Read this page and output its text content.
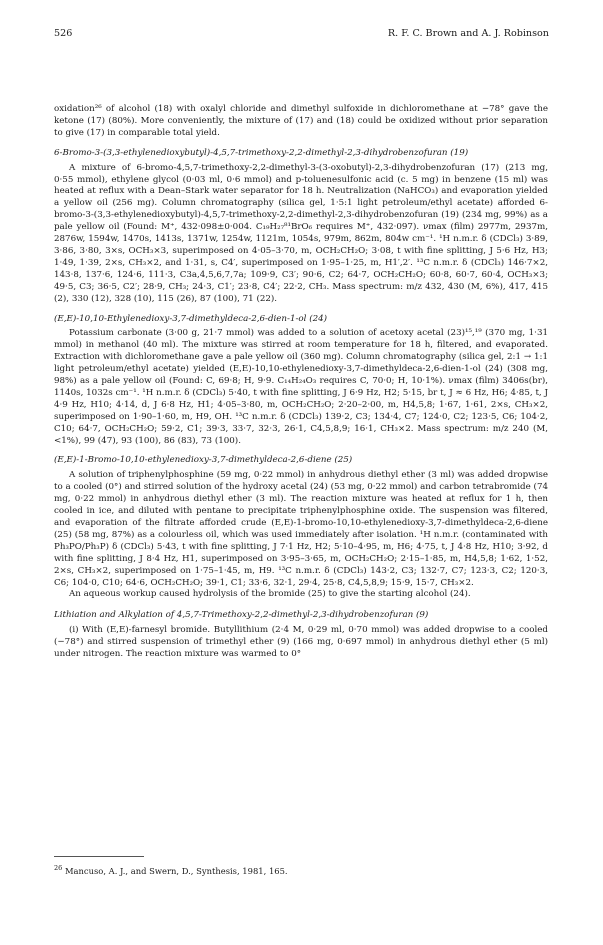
526	R. F. C. Brown and A. J. Robinson

oxidation²⁶ of alcohol (18) with oxalyl chloride and dimethyl sulfoxide in dichloromethane at −78° gave the ketone (17) (80%). More conveniently, the mixture of (17) and (18) could be oxidized without prior separation to give (17) in comparable total yield.

6-Bromo-3-(3,3-ethylenedioxybutyl)-4,5,7-trimethoxy-2,2-dimethyl-2,3-dihydrobenzofuran (19)

A mixture of 6-bromo-4,5,7-trimethoxy-2,2-dimethyl-3-(3-oxobutyl)-2,3-dihydrobenzofuran (17) (213 mg, 0·55 mmol), ethylene glycol (0·03 ml, 0·6 mmol) and p-toluenesulfonic acid (c. 5 mg) in benzene (15 ml) was heated at reflux with a Dean–Stark water separator for 18 h. Neutralization (NaHCO₃) and evaporation yielded a yellow oil (256 mg). Column chromatography (silica gel, 1·5:1 light petroleum/ethyl acetate) afforded 6-bromo-3-(3,3-ethylenedioxybutyl)-4,5,7-trimethoxy-2,2-dimethyl-2,3-dihydrobenzofuran (19) (234 mg, 99%) as a pale yellow oil (Found: M⁺, 432·098±0·004. C₁₉H₂₇⁸¹BrO₆ requires M⁺, 432·097). νmax (film) 2977m, 2937m, 2876w, 1594w, 1470s, 1413s, 1371w, 1254w, 1121m, 1054s, 979m, 862m, 804w cm⁻¹. ¹H n.m.r. δ (CDCl₃) 3·89, 3·86, 3·80, 3×s, OCH₃×3, superimposed on 4·05–3·70, m, OCH₂CH₂O; 3·08, t with fine splitting, J 5·6 Hz, H3; 1·49, 1·39, 2×s, CH₃×2, and 1·31, s, C4′, superimposed on 1·95–1·25, m, H1′,2′. ¹³C n.m.r. δ (CDCl₃) 146·7×2, 143·8, 137·6, 124·6, 111·3, C3a,4,5,6,7,7a; 109·9, C3′; 90·6, C2; 64·7, OCH₂CH₂O; 60·8, 60·7, 60·4, OCH₃×3; 49·5, C3; 36·5, C2′; 28·9, CH₃; 24·3, C1′; 23·8, C4′; 22·2, CH₃. Mass spectrum: m/z 432, 430 (M, 6%), 417, 415 (2), 330 (12), 328 (10), 115 (26), 87 (100), 71 (22).

(E,E)-10,10-Ethylenedioxy-3,7-dimethyldeca-2,6-dien-1-ol (24)

Potassium carbonate (3·00 g, 21·7 mmol) was added to a solution of acetoxy acetal (23)¹⁵,¹⁹ (370 mg, 1·31 mmol) in methanol (40 ml). The mixture was stirred at room temperature for 18 h, filtered, and evaporated. Extraction with dichloromethane gave a pale yellow oil (360 mg). Column chromatography (silica gel, 2:1 → 1:1 light petroleum/ethyl acetate) yielded (E,E)-10,10-ethylenedioxy-3,7-dimethyldeca-2,6-dien-1-ol (24) (308 mg, 98%) as a pale yellow oil (Found: C, 69·8; H, 9·9. C₁₄H₂₄O₃ requires C, 70·0; H, 10·1%). νmax (film) 3406s(br), 1140s, 1032s cm⁻¹. ¹H n.m.r. δ (CDCl₃) 5·40, t with fine splitting, J 6·9 Hz, H2; 5·15, br t, J ≈ 6 Hz, H6; 4·85, t, J 4·9 Hz, H10; 4·14, d, J 6·8 Hz, H1; 4·05–3·80, m, OCH₂CH₂O; 2·20–2·00, m, H4,5,8; 1·67, 1·61, 2×s, CH₃×2, superimposed on 1·90–1·60, m, H9, OH. ¹³C n.m.r. δ (CDCl₃) 139·2, C3; 134·4, C7; 124·0, C2; 123·5, C6; 104·2, C10; 64·7, OCH₂CH₂O; 59·2, C1; 39·3, 33·7, 32·3, 26·1, C4,5,8,9; 16·1, CH₃×2. Mass spectrum: m/z 240 (M, <1%), 99 (47), 93 (100), 86 (83), 73 (100).

(E,E)-1-Bromo-10,10-ethylenedioxy-3,7-dimethyldeca-2,6-diene (25)

A solution of triphenylphosphine (59 mg, 0·22 mmol) in anhydrous diethyl ether (3 ml) was added dropwise to a cooled (0°) and stirred solution of the hydroxy acetal (24) (53 mg, 0·22 mmol) and carbon tetrabromide (74 mg, 0·22 mmol) in anhydrous diethyl ether (3 ml). The reaction mixture was heated at reflux for 1 h, then cooled in ice, and diluted with pentane to precipitate triphenylphosphine oxide. The suspension was filtered, and evaporation of the filtrate afforded crude (E,E)-1-bromo-10,10-ethylenedioxy-3,7-dimethyldeca-2,6-diene (25) (58 mg, 87%) as a colourless oil, which was used immediately after isolation. ¹H n.m.r. (contaminated with Ph₃PO/Ph₃P) δ (CDCl₃) 5·43, t with fine splitting, J 7·1 Hz, H2; 5·10–4·95, m, H6; 4·75, t, J 4·8 Hz, H10; 3·92, d with fine splitting, J 8·4 Hz, H1, superimposed on 3·95–3·65, m, OCH₂CH₂O; 2·15–1·85, m, H4,5,8; 1·62, 1·52, 2×s, CH₃×2, superimposed on 1·75–1·45, m, H9. ¹³C n.m.r. δ (CDCl₃) 143·2, C3; 132·7, C7; 123·3, C2; 120·3, C6; 104·0, C10; 64·6, OCH₂CH₂O; 39·1, C1; 33·6, 32·1, 29·4, 25·8, C4,5,8,9; 15·9, 15·7, CH₃×2.

An aqueous workup caused hydrolysis of the bromide (25) to give the starting alcohol (24).

Lithiation and Alkylation of 4,5,7-Trimethoxy-2,2-dimethyl-2,3-dihydrobenzofuran (9)

(i) With (E,E)-farnesyl bromide. Butyllithium (2·4 M, 0·29 ml, 0·70 mmol) was added dropwise to a cooled (−78°) and stirred suspension of trimethyl ether (9) (166 mg, 0·697 mmol) in anhydrous diethyl ether (5 ml) under nitrogen. The reaction mixture was warmed to 0°

$^{26}$ Mancuso, A. J., and Swern, D., Synthesis, 1981, 165.
